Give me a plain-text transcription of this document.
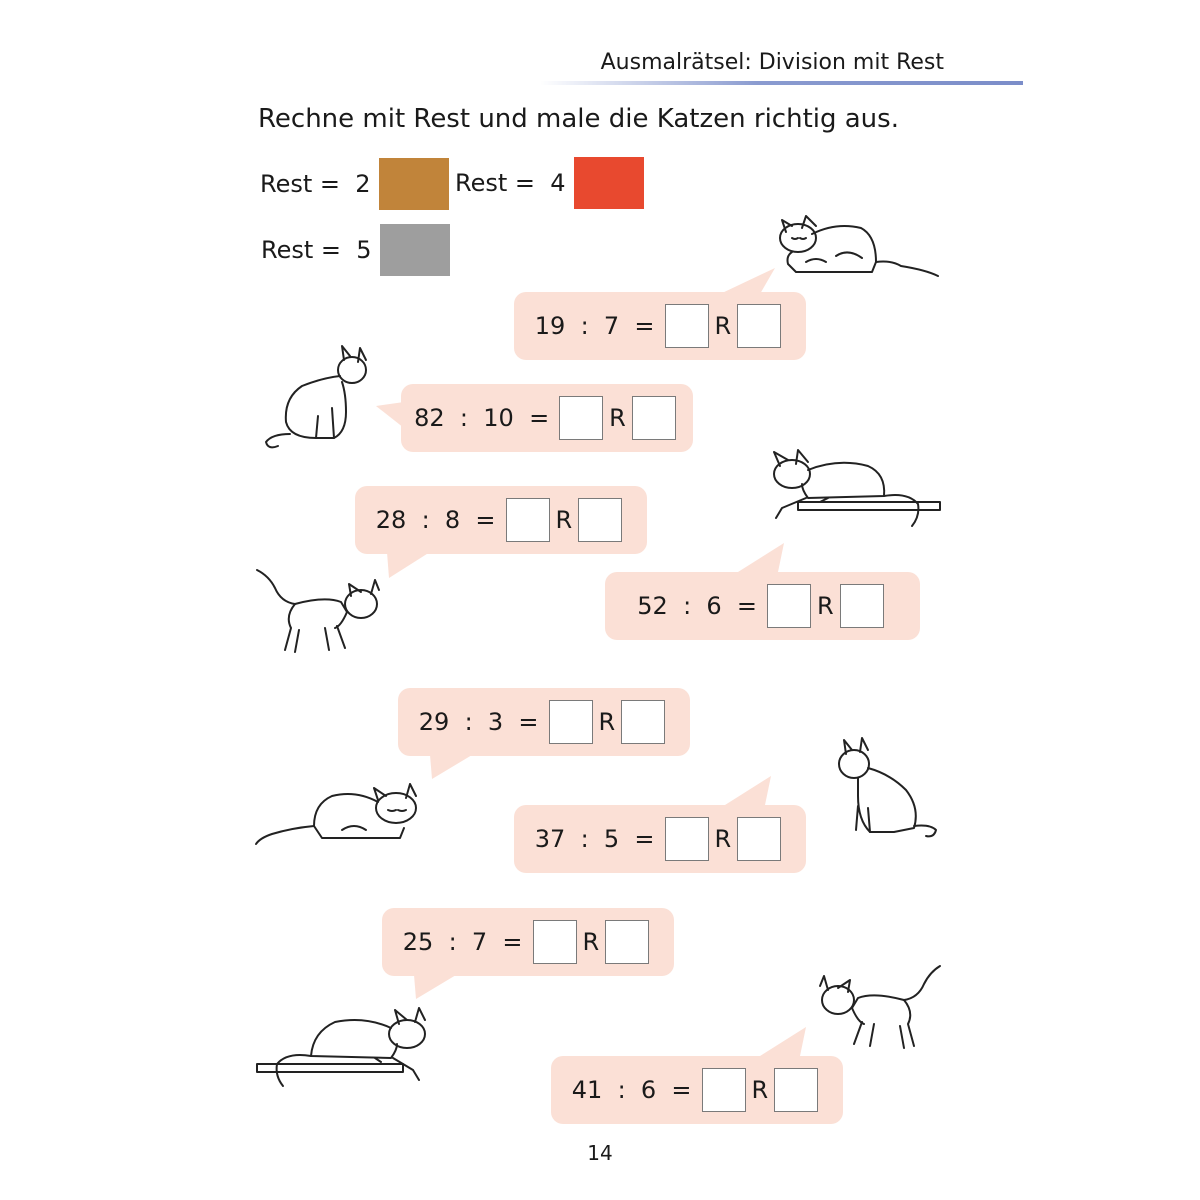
Ausmalrätsel: Division mit Rest
Rechne mit Rest und male die Katzen richtig aus.
Rest =  2	Rest =  4
Rest =  5
19  :  7  =	R
82  :  10  =	R
28  :  8  =	R
52  :  6  =	R
29  :  3  =	R
37  :  5  =	R
25  :  7  =	R
41  :  6  =	R
14
